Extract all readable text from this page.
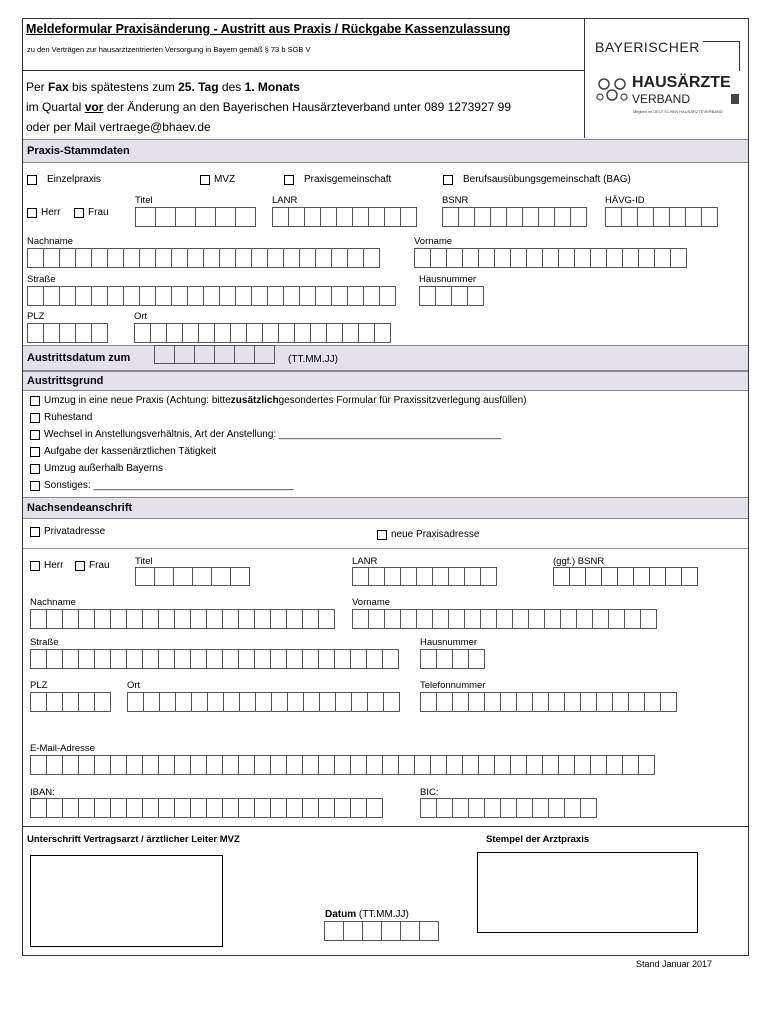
Meldeformular Praxisänderung - Austritt aus Praxis / Rückgabe Kassenzulassung
zu den Verträgen zur hausarztzentrierten Versorgung in Bayern gemäß § 73 b SGB V
Per Fax bis spätestens zum 25. Tag des 1. Monats
im Quartal vor der Änderung an den Bayerischen Hausärzteverband unter 089 1273927 99
oder per Mail vertraege@bhaev.de
BAYERISCHER
HAUSÄRZTE
VERBAND
Mitglied im DEUTSCHEN HAUSÄRZTEVERBAND
Praxis-Stammdaten
Einzelpraxis	MVZ	Praxisgemeinschaft	Berufsausübungsgemeinschaft (BAG)
Herr	Frau
Titel	LANR	BSNR	HÄVG-ID
Nachname	Vorname
Straße	Hausnummer
PLZ	Ort
Austrittsdatum zum	(TT.MM.JJ)
Austrittsgrund
Umzug in eine neue Praxis (Achtung: bitte zusätzlich gesondertes Formular für Praxissitzverlegung ausfüllen)
Ruhestand
Wechsel in Anstellungsverhältnis, Art der Anstellung: ________________________________________
Aufgabe der kassenärztlichen Tätigkeit
Umzug außerhalb Bayerns
Sonstiges: ____________________________________
Nachsendeanschrift
Privatadresse	neue Praxisadresse
Herr	Frau	Titel	LANR	(ggf.) BSNR
Nachname	Vorname
Straße	Hausnummer
PLZ	Ort	Telefonnummer
E-Mail-Adresse
IBAN:	BIC:
Unterschrift Vertragsarzt / ärztlicher Leiter MVZ	Stempel der Arztpraxis
Datum (TT.MM.JJ)
Stand Januar 2017
